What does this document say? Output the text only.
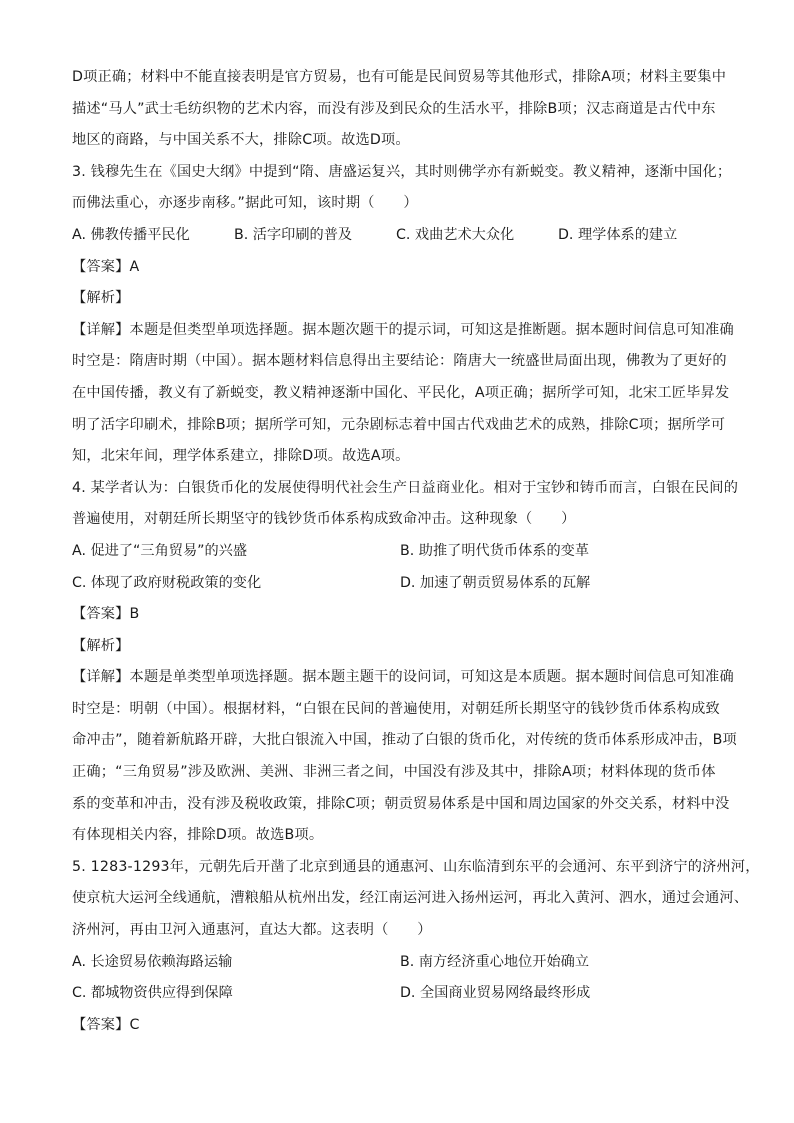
D项正确；材料中不能直接表明是官方贸易，也有可能是民间贸易等其他形式，排除A项；材料主要集中
描述“马人”武士毛纺织物的艺术内容，而没有涉及到民众的生活水平，排除B项；汉志商道是古代中东
地区的商路，与中国关系不大，排除C项。故选D项。
3. 钱穆先生在《国史大纲》中提到“隋、唐盛运复兴，其时则佛学亦有新蜕变。教义精神，逐渐中国化；
而佛法重心，亦逐步南移。”据此可知，该时期（　　）
A. 佛教传播平民化	B. 活字印刷的普及	C. 戏曲艺术大众化	D. 理学体系的建立
【答案】A
【解析】
【详解】本题是但类型单项选择题。据本题次题干的提示词，可知这是推断题。据本题时间信息可知准确
时空是：隋唐时期（中国）。据本题材料信息得出主要结论：隋唐大一统盛世局面出现，佛教为了更好的
在中国传播，教义有了新蜕变，教义精神逐渐中国化、平民化，A项正确；据所学可知，北宋工匠毕昇发
明了活字印刷术，排除B项；据所学可知，元杂剧标志着中国古代戏曲艺术的成熟，排除C项；据所学可
知，北宋年间，理学体系建立，排除D项。故选A项。
4. 某学者认为：白银货币化的发展使得明代社会生产日益商业化。相对于宝钞和铸币而言，白银在民间的
普遍使用，对朝廷所长期坚守的钱钞货币体系构成致命冲击。这种现象（　　）
A. 促进了“三角贸易”的兴盛	B. 助推了明代货币体系的变革
C. 体现了政府财税政策的变化	D. 加速了朝贡贸易体系的瓦解
【答案】B
【解析】
【详解】本题是单类型单项选择题。据本题主题干的设问词，可知这是本质题。据本题时间信息可知准确
时空是：明朝（中国）。根据材料，“白银在民间的普遍使用，对朝廷所长期坚守的钱钞货币体系构成致
命冲击”，随着新航路开辟，大批白银流入中国，推动了白银的货币化，对传统的货币体系形成冲击，B项
正确；“三角贸易”涉及欧洲、美洲、非洲三者之间，中国没有涉及其中，排除A项；材料体现的货币体
系的变革和冲击，没有涉及税收政策，排除C项；朝贡贸易体系是中国和周边国家的外交关系，材料中没
有体现相关内容，排除D项。故选B项。
5. 1283-1293年，元朝先后开凿了北京到通县的通惠河、山东临清到东平的会通河、东平到济宁的济州河，
使京杭大运河全线通航，漕粮船从杭州出发，经江南运河进入扬州运河，再北入黄河、泗水，通过会通河、
济州河，再由卫河入通惠河，直达大都。这表明（　　）
A. 长途贸易依赖海路运输	B. 南方经济重心地位开始确立
C. 都城物资供应得到保障	D. 全国商业贸易网络最终形成
【答案】C
